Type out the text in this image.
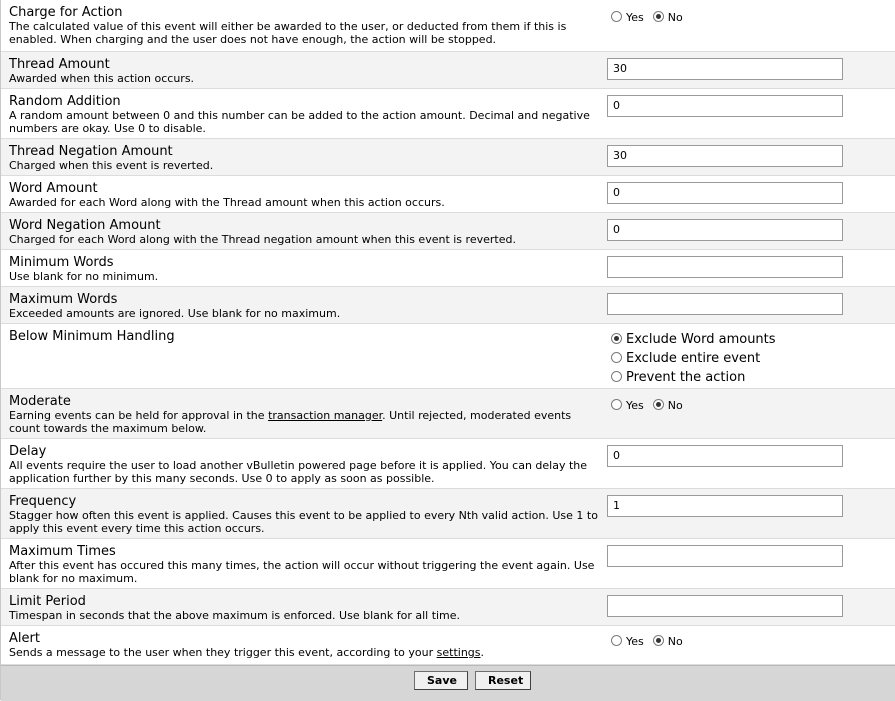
Charge for Action
The calculated value of this event will either be awarded to the user, or deducted from them if this is enabled. When charging and the user does not have enough, the action will be stopped.
Yes No
Thread Amount
Awarded when this action occurs.
30
Random Addition
A random amount between 0 and this number can be added to the action amount. Decimal and negative numbers are okay. Use 0 to disable.
0
Thread Negation Amount
Charged when this event is reverted.
30
Word Amount
Awarded for each Word along with the Thread amount when this action occurs.
0
Word Negation Amount
Charged for each Word along with the Thread negation amount when this event is reverted.
0
Minimum Words
Use blank for no minimum.
Maximum Words
Exceeded amounts are ignored. Use blank for no maximum.
Below Minimum Handling	Exclude Word amounts
Exclude entire event
Prevent the action
Moderate
Earning events can be held for approval in the transaction manager. Until rejected, moderated events count towards the maximum below.
Yes No
Delay
All events require the user to load another vBulletin powered page before it is applied. You can delay the application further by this many seconds. Use 0 to apply as soon as possible.
0
Frequency
Stagger how often this event is applied. Causes this event to be applied to every Nth valid action. Use 1 to apply this event every time this action occurs.
1
Maximum Times
After this event has occured this many times, the action will occur without triggering the event again. Use blank for no maximum.
Limit Period
Timespan in seconds that the above maximum is enforced. Use blank for all time.
Alert
Sends a message to the user when they trigger this event, according to your settings.
Yes No
Save	Reset
